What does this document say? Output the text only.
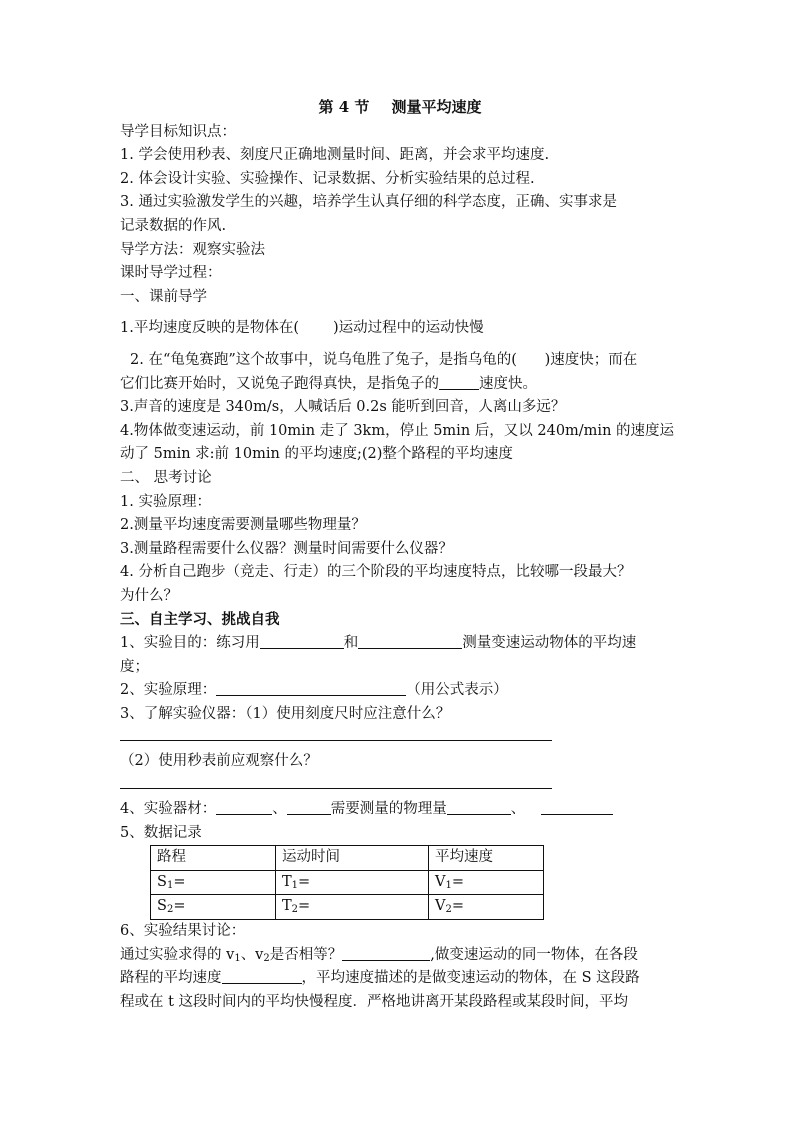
第 4 节 测量平均速度
导学目标知识点：
1. 学会使用秒表、刻度尺正确地测量时间、距离，并会求平均速度.
2. 体会设计实验、实验操作、记录数据、分析实验结果的总过程.
3. 通过实验激发学生的兴趣，培养学生认真仔细的科学态度，正确、实事求是
记录数据的作风.
导学方法：观察实验法
课时导学过程：
一、课前导学
1.平均速度反映的是物体在( )运动过程中的运动快慢
2. 在“龟兔赛跑”这个故事中，说乌龟胜了兔子，是指乌龟的(      )速度快；而在
它们比赛开始时，又说兔子跑得真快，是指兔子的	速度快。
3.声音的速度是 340m/s，人喊话后 0.2s 能听到回音，人离山多远？
4.物体做变速运动，前 10min 走了 3km，停止 5min 后，又以 240m/min 的速度运
动了 5min 求:前 10min 的平均速度;(2)整个路程的平均速度
二、 思考讨论
1. 实验原理：
2.测量平均速度需要测量哪些物理量？
3.测量路程需要什么仪器？测量时间需要什么仪器？
4. 分析自己跑步（竞走、行走）的三个阶段的平均速度特点，比较哪一段最大？
为什么？
三、自主学习、挑战自我
1、实验目的：练习用	和	测量变速运动物体的平均速
度；
2、实验原理：	（用公式表示）
3、了解实验仪器：（1）使用刻度尺时应注意什么？
（2）使用秒表前应观察什么？
4、实验器材：	、	需要测量的物理量	、
5、数据记录
路程	运动时间	平均速度
$S_1=$	$T_1=$	$V_1=$
$S_2=$	$T_2=$	$V_2=$
6、实验结果讨论：
通过实验求得的 $v_1$、$v_2$是否相等？	,做变速运动的同一物体，在各段
路程的平均速度	，平均速度描述的是做变速运动的物体，在 S 这段路
程或在 t 这段时间内的平均快慢程度．严格地讲离开某段路程或某段时间，平均
